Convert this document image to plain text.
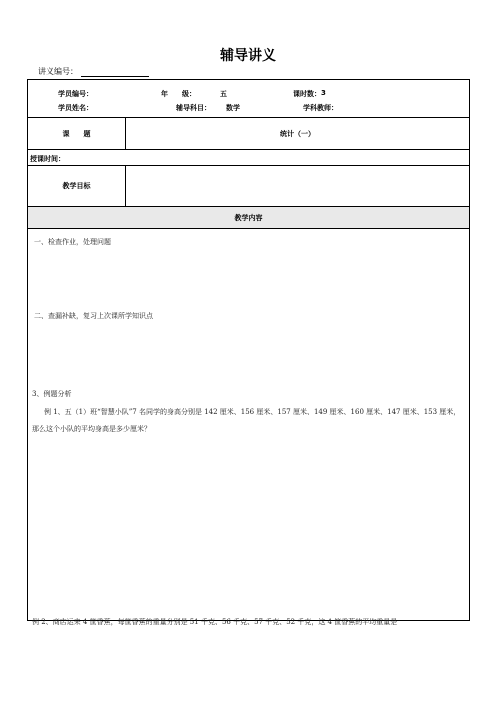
辅导讲义
讲义编号：
学员编号：	年　　级：	五	课时数： 3
学员姓名：	辅导科目： 数学	学科教师：
课　　题	统计（一）
授课时间：
教学目标
教学内容
一、检查作业，处理问题
二、查漏补缺，复习上次课所学知识点
3、例题分析
例 1、五（1）班“智慧小队”7 名同学的身高分别是 142 厘米、156 厘米、157 厘米、149 厘米、160 厘米、147 厘米、153 厘米，那么这个小队的平均身高是多少厘米？
例 2、商店运来 4 筐香蕉，每筐香蕉的重量分别是 51 千克、56 千克、57 千克、52 千克，这 4 筐香蕉的平均重量是
